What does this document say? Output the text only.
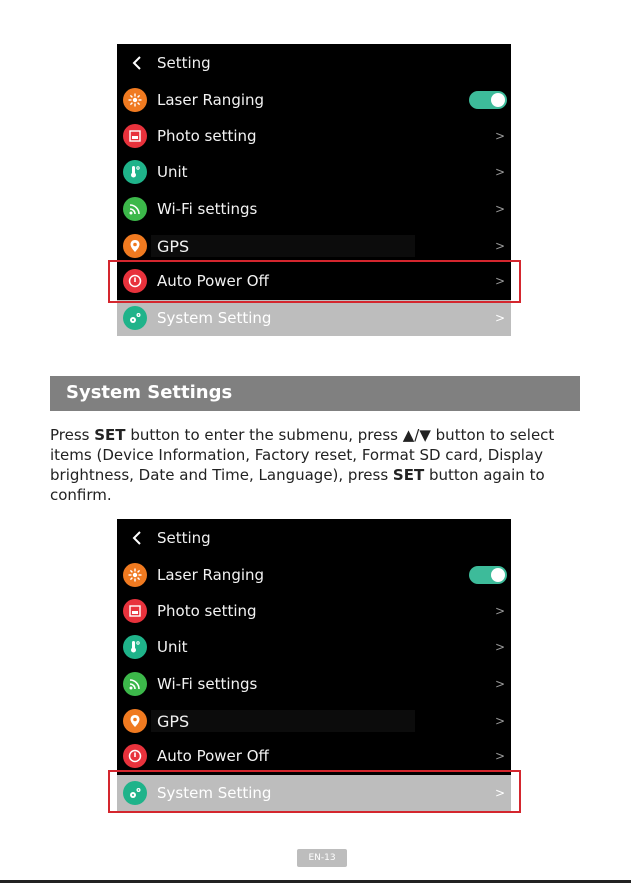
Setting
Laser Ranging
Photo setting	>
Unit	>
Wi-Fi settings	>
GPS	>
Auto Power Off	>
System Setting	>
Setting
Laser Ranging
Photo setting	>
Unit	>
Wi-Fi settings	>
GPS	>
Auto Power Off	>
System Setting	>
System Settings
Press SET button to enter the submenu, press ▲/▼ button to select items (Device Information, Factory reset, Format SD card, Display brightness, Date and Time, Language), press SET button again to confirm.
EN-13
